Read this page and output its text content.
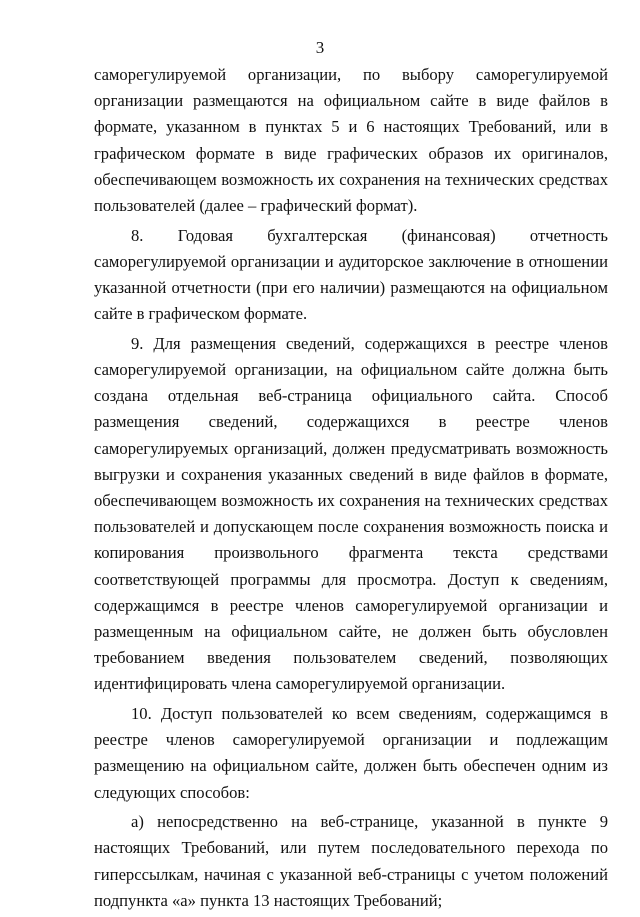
3

саморегулируемой организации, по выбору саморегулируемой организации размещаются на официальном сайте в виде файлов в формате, указанном в пунктах 5 и 6 настоящих Требований, или в графическом формате в виде графических образов их оригиналов, обеспечивающем возможность их сохранения на технических средствах пользователей (далее – графический формат).

8. Годовая бухгалтерская (финансовая) отчетность саморегулируемой организации и аудиторское заключение в отношении указанной отчетности (при его наличии) размещаются на официальном сайте в графическом формате.

9. Для размещения сведений, содержащихся в реестре членов саморегулируемой организации, на официальном сайте должна быть создана отдельная веб-страница официального сайта. Способ размещения сведений, содержащихся в реестре членов саморегулируемых организаций, должен предусматривать возможность выгрузки и сохранения указанных сведений в виде файлов в формате, обеспечивающем возможность их сохранения на технических средствах пользователей и допускающем после сохранения возможность поиска и копирования произвольного фрагмента текста средствами соответствующей программы для просмотра. Доступ к сведениям, содержащимся в реестре членов саморегулируемой организации и размещенным на официальном сайте, не должен быть обусловлен требованием введения пользователем сведений, позволяющих идентифицировать члена саморегулируемой организации.

10. Доступ пользователей ко всем сведениям, содержащимся в реестре членов саморегулируемой организации и подлежащим размещению на официальном сайте, должен быть обеспечен одним из следующих способов:

а) непосредственно на веб-странице, указанной в пункте 9 настоящих Требований, или путем последовательного перехода по гиперссылкам, начиная с указанной веб-страницы с учетом положений подпункта «а» пункта 13 настоящих Требований;
